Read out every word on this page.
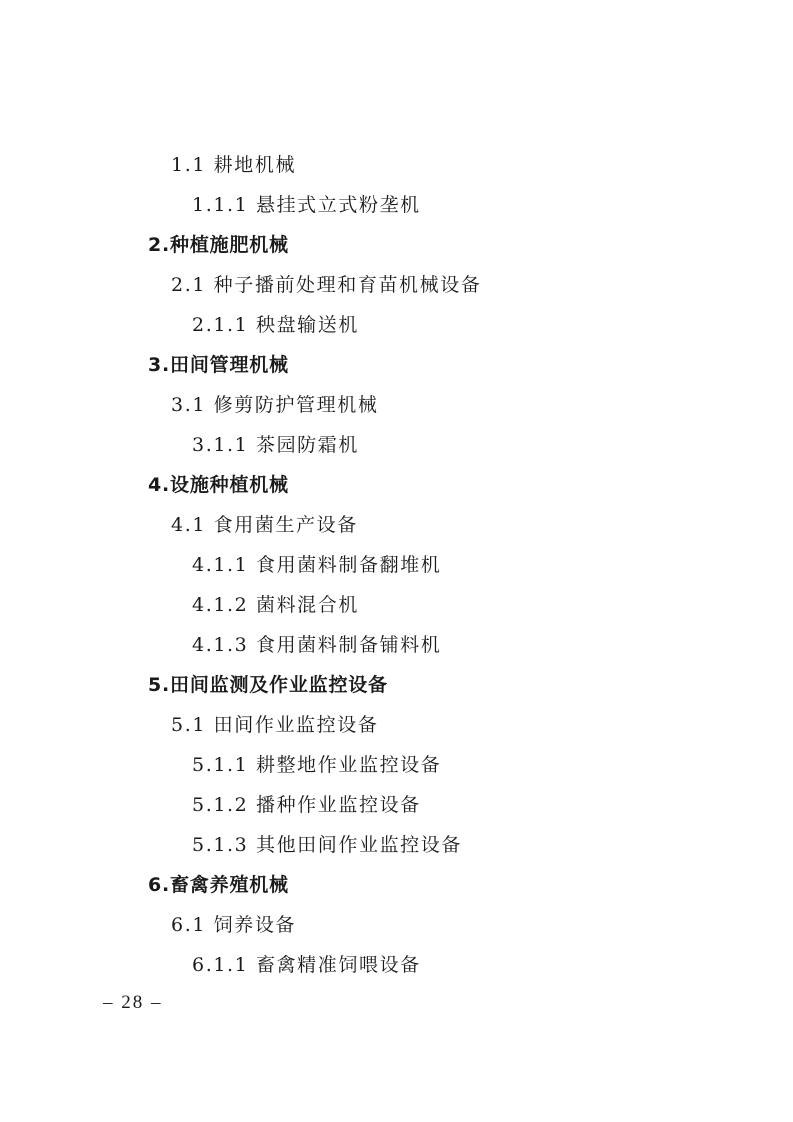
1.1 耕地机械
1.1.1 悬挂式立式粉垄机
2.种植施肥机械
2.1 种子播前处理和育苗机械设备
2.1.1 秧盘输送机
3.田间管理机械
3.1 修剪防护管理机械
3.1.1 茶园防霜机
4.设施种植机械
4.1 食用菌生产设备
4.1.1 食用菌料制备翻堆机
4.1.2 菌料混合机
4.1.3 食用菌料制备铺料机
5.田间监测及作业监控设备
5.1 田间作业监控设备
5.1.1 耕整地作业监控设备
5.1.2 播种作业监控设备
5.1.3 其他田间作业监控设备
6.畜禽养殖机械
6.1 饲养设备
6.1.1 畜禽精准饲喂设备
– 28 –
